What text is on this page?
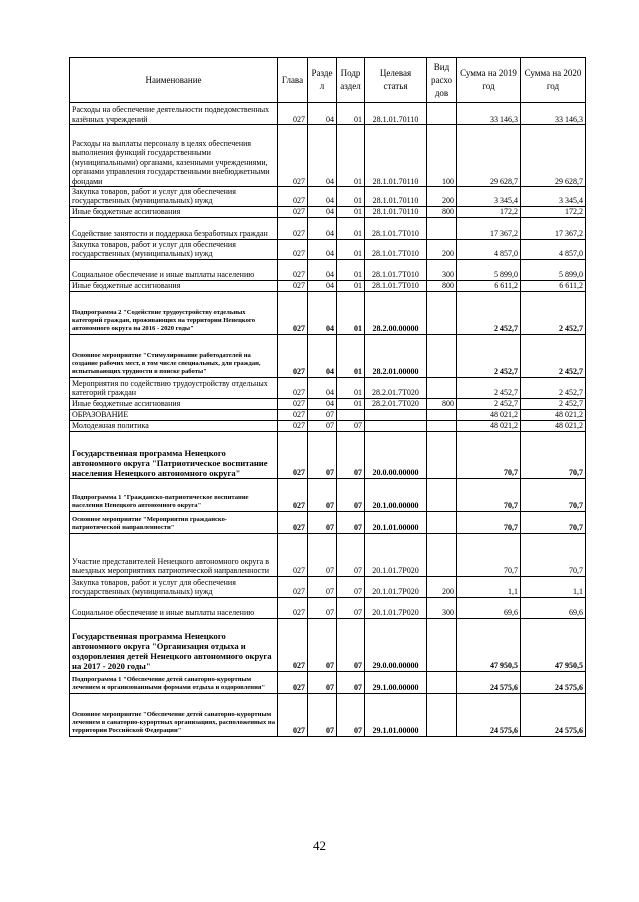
Наименование	Глава	Разде л	Подр аздел	Целевая статья	Вид расхо дов	Сумма на 2019 год	Сумма на 2020 год
Расходы на обеспечение деятельности подведомственных казённых учреждений	027	04	01	28.1.01.70110		33 146,3	33 146,3
Расходы на выплаты персоналу в целях обеспечения выполнения функций государственными (муниципальными) органами, казенными учреждениями, органами управления государственными внебюджетными фондами	027	04	01	28.1.01.70110	100	29 628,7	29 628,7
Закупка товаров, работ и услуг для обеспечения государственных (муниципальных) нужд	027	04	01	28.1.01.70110	200	3 345,4	3 345,4
Иные бюджетные ассигнования	027	04	01	28.1.01.70110	800	172,2	172,2
Содействие занятости и поддержка безработных граждан	027	04	01	28.1.01.7Т010		17 367,2	17 367,2
Закупка товаров, работ и услуг для обеспечения государственных (муниципальных) нужд	027	04	01	28.1.01.7Т010	200	4 857,0	4 857,0
Социальное обеспечение и иные выплаты населению	027	04	01	28.1.01.7Т010	300	5 899,0	5 899,0
Иные бюджетные ассигнования	027	04	01	28.1.01.7Т010	800	6 611,2	6 611,2
Подпрограмма 2 "Содействие трудоустройству отдельных категорий граждан, проживающих на территории Ненецкого автономного округа на 2016 - 2020 годы"	027	04	01	28.2.00.00000		2 452,7	2 452,7
Основное мероприятие "Стимулирование работодателей на создание рабочих мест, в том числе специальных, для граждан, испытывающих трудности в поиске работы"	027	04	01	28.2.01.00000		2 452,7	2 452,7
Мероприятия по содействию трудоустройству отдельных категорий граждан	027	04	01	28.2.01.7Т020		2 452,7	2 452,7
Иные бюджетные ассигнования	027	04	01	28.2.01.7Т020	800	2 452,7	2 452,7
ОБРАЗОВАНИЕ	027	07				48 021,2	48 021,2
Молодежная политика	027	07	07			48 021,2	48 021,2
Государственная программа Ненецкого автономного округа "Патриотическое воспитание населения Ненецкого автономного округа"	027	07	07	20.0.00.00000		70,7	70,7
Подпрограмма 1 "Гражданско-патриотическое воспитание населения Ненецкого автономного округа"	027	07	07	20.1.00.00000		70,7	70,7
Основное мероприятие "Мероприятия гражданско-патриотической направленности"	027	07	07	20.1.01.00000		70,7	70,7
Участие представителей Ненецкого автономного округа в выездных мероприятиях патриотической направленности	027	07	07	20.1.01.7Р020		70,7	70,7
Закупка товаров, работ и услуг для обеспечения государственных (муниципальных) нужд	027	07	07	20.1.01.7Р020	200	1,1	1,1
Социальное обеспечение и иные выплаты населению	027	07	07	20.1.01.7Р020	300	69,6	69,6
Государственная программа Ненецкого автономного округа "Организация отдыха и оздоровления детей Ненецкого автономного округа на 2017 - 2020 годы"	027	07	07	29.0.00.00000		47 950,5	47 950,5
Подпрограмма 1 "Обеспечение детей санаторно-курортным лечением и организованными формами отдыха и оздоровления"	027	07	07	29.1.00.00000		24 575,6	24 575,6
Основное мероприятие "Обеспечение детей санаторно-курортным лечением в санаторно-курортных организациях, расположенных на территории Российской Федерации"	027	07	07	29.1.01.00000		24 575,6	24 575,6
42
